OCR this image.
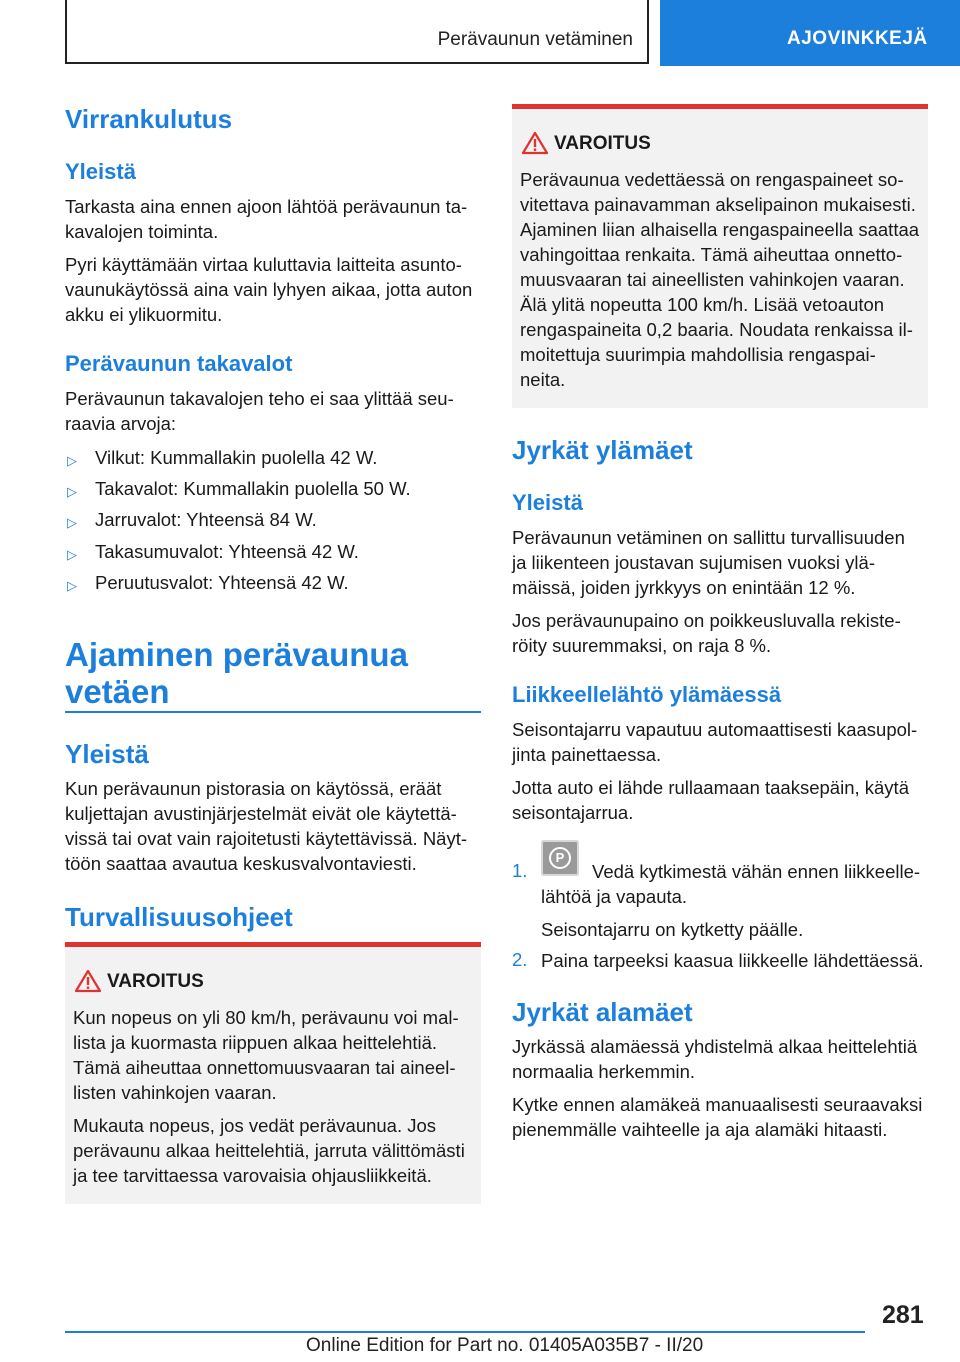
Perävaunun vetäminen	AJOVINKKEJÄ
Virrankulutus
Yleistä
Tarkasta aina ennen ajoon lähtöä perävaunun ta-
kavalojen toiminta.
Pyri käyttämään virtaa kuluttavia laitteita asunto-
vaunukäytössä aina vain lyhyen aikaa, jotta auton
akku ei ylikuormitu.
Perävaunun takavalot
Perävaunun takavalojen teho ei saa ylittää seu-
raavia arvoja:
▷ Vilkut: Kummallakin puolella 42 W.
▷ Takavalot: Kummallakin puolella 50 W.
▷ Jarruvalot: Yhteensä 84 W.
▷ Takasumuvalot: Yhteensä 42 W.
▷ Peruutusvalot: Yhteensä 42 W.
Ajaminen perävaunua
vetäen
Yleistä
Kun perävaunun pistorasia on käytössä, eräät
kuljettajan avustinjärjestelmät eivät ole käytettä-
vissä tai ovat vain rajoitetusti käytettävissä. Näyt-
töön saattaa avautua keskusvalvontaviesti.
Turvallisuusohjeet
VAROITUS
Kun nopeus on yli 80 km/h, perävaunu voi mal-
lista ja kuormasta riippuen alkaa heittelehtiä.
Tämä aiheuttaa onnettomuusvaaran tai aineel-
listen vahinkojen vaaran.
Mukauta nopeus, jos vedät perävaunua. Jos
perävaunu alkaa heittelehtiä, jarruta välittömästi
ja tee tarvittaessa varovaisia ohjausliikkeitä.
VAROITUS
Perävaunua vedettäessä on rengaspaineet so-
vitettava painavamman akselipainon mukaisesti.
Ajaminen liian alhaisella rengaspaineella saattaa
vahingoittaa renkaita. Tämä aiheuttaa onnetto-
muusvaaran tai aineellisten vahinkojen vaaran.
Älä ylitä nopeutta 100 km/h. Lisää vetoauton
rengaspaineita 0,2 baaria. Noudata renkaissa il-
moitettuja suurimpia mahdollisia rengaspai-
neita.
Jyrkät ylämäet
Yleistä
Perävaunun vetäminen on sallittu turvallisuuden
ja liikenteen joustavan sujumisen vuoksi ylä-
mäissä, joiden jyrkkyys on enintään 12 %.
Jos perävaunupaino on poikkeusluvalla rekiste-
röity suuremmaksi, on raja 8 %.
Liikkeellelähtö ylämäessä
Seisontajarru vapautuu automaattisesti kaasupol-
jinta painettaessa.
Jotta auto ei lähde rullaamaan taaksepäin, käytä
seisontajarrua.
1.
P
Vedä kytkimestä vähän ennen liikkeelle-
lähtöä ja vapauta.
Seisontajarru on kytketty päälle.
2. Paina tarpeeksi kaasua liikkeelle lähdettäessä.
Jyrkät alamäet
Jyrkässä alamäessä yhdistelmä alkaa heittelehtiä
normaalia herkemmin.
Kytke ennen alamäkeä manuaalisesti seuraavaksi
pienemmälle vaihteelle ja aja alamäki hitaasti.
281
Online Edition for Part no. 01405A035B7 - II/20
